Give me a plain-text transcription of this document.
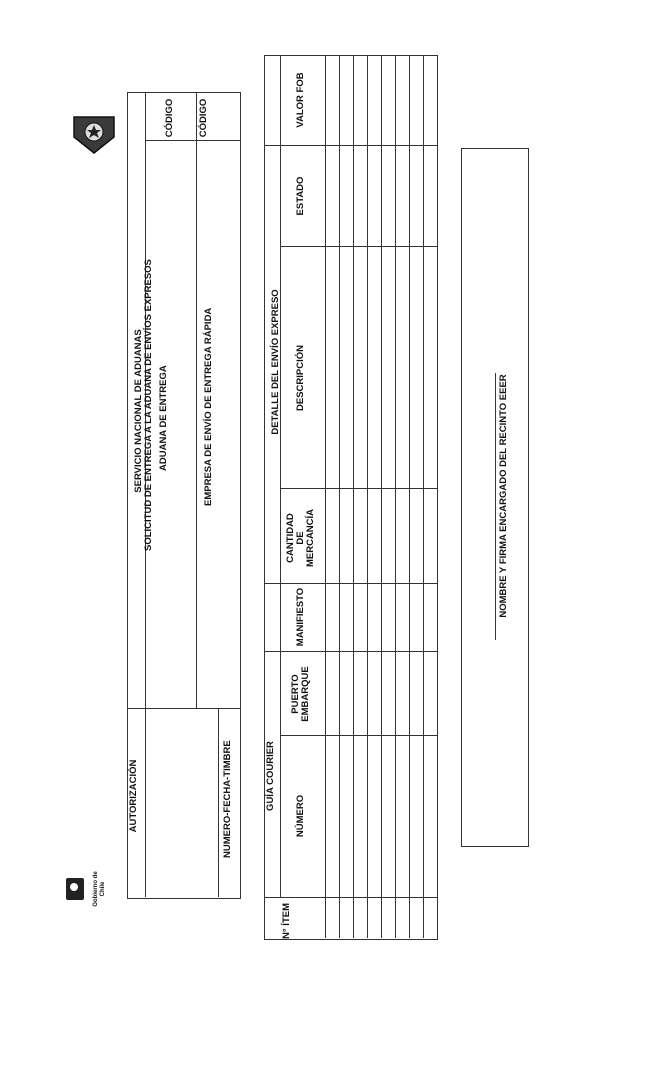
Gobierno de Chile
AUTORIZACIÓN	NUMERO-FECHA-TIMBRE
SERVICIO NACIONAL DE ADUANAS SOLICITUD DE ENTREGA A LA ADUANA DE ENVÍOS EXPRESOS ADUANA DE ENTREGA	EMPRESA DE ENVÍO DE ENTREGA RÁPIDA
CÓDIGO CÓDIGO
DETALLE DEL ENVÍO EXPRESO
GUÍA COURIER
VALOR FOB
ESTADO
DESCRIPCIÓN
CANTIDAD DE MERCANCÍA
MANIFIESTO
PUERTO EMBARQUE
NÚMERO
N° ÍTEM
NOMBRE Y FIRMA ENCARGADO DEL RECINTO EEER
